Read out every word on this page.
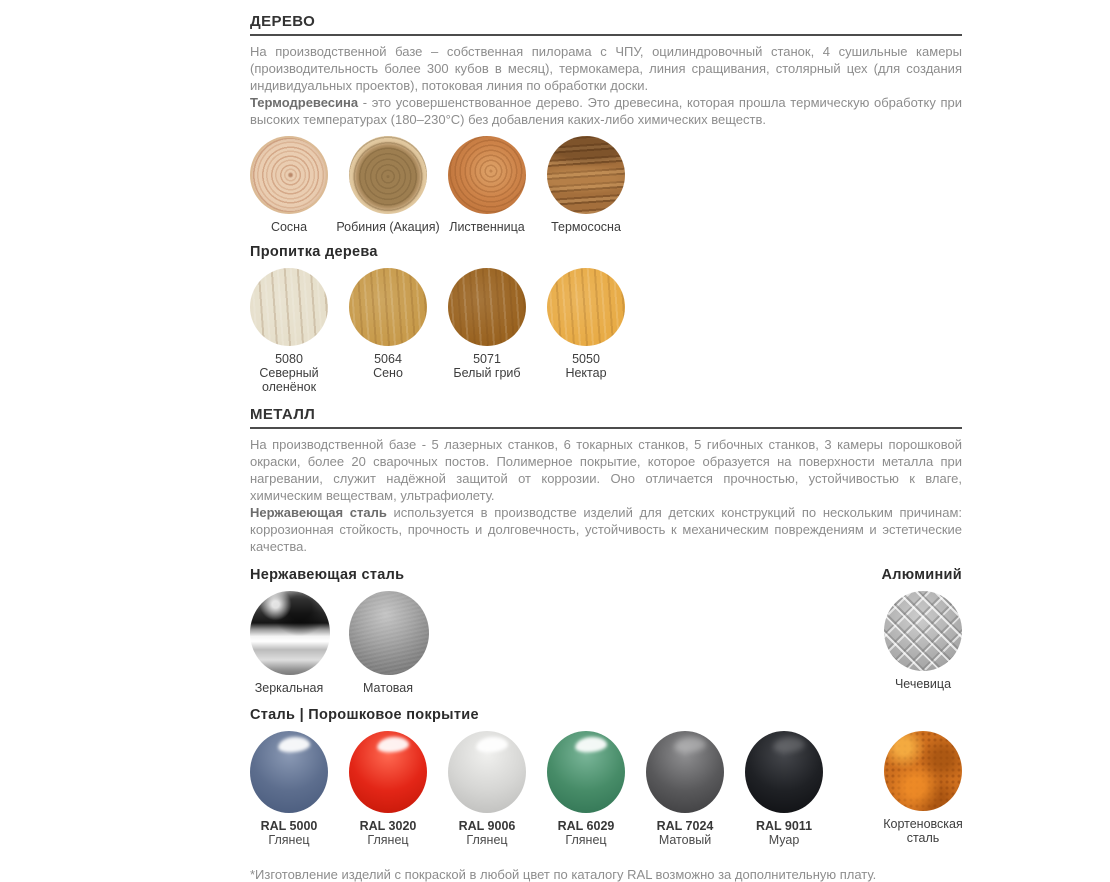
ДЕРЕВО

На производственной базе – собственная пилорама с ЧПУ, оцилиндровочный станок, 4 сушильные камеры (производительность более 300 кубов в месяц), термокамера, линия сращивания, столярный цех (для создания индивидуальных проектов), потоковая линия по обработки доски.

Термодревесина - это усовершенствованное дерево. Это древесина, которая прошла термическую обработку при высоких температурах (180–230°C) без добавления каких-либо химических веществ.

Сосна	Робиния (Акация) Лиственница	Термососна
Пропитка дерева
5080
Северный оленёнок
5064
Сено
5071
Белый гриб
5050
Нектар
МЕТАЛЛ

На производственной базе - 5 лазерных станков, 6 токарных станков, 5 гибочных станков, 3 камеры порошковой окраски, более 20 сварочных постов. Полимерное покрытие, которое образуется на поверхности металла при нагревании, служит надёжной защитой от коррозии. Оно отличается прочностью, устойчивостью к влаге, химическим веществам, ультрафиолету.

Нержавеющая сталь используется в производстве изделий для детских конструкций по нескольким причинам: коррозионная стойкость, прочность и долговечность, устойчивость к механическим повреждениям и эстетические качества.

Нержавеющая сталь	Алюминий
Зеркальная	Матовая	Чечевица
Сталь | Порошковое покрытие
RAL 5000
Глянец
RAL 3020
Глянец
RAL 9006
Глянец
RAL 6029
Глянец
RAL 7024
Матовый
RAL 9011
Муар
Кортеновская сталь

*Изготовление изделий с покраской в любой цвет по каталогу RAL возможно за дополнительную плату.
